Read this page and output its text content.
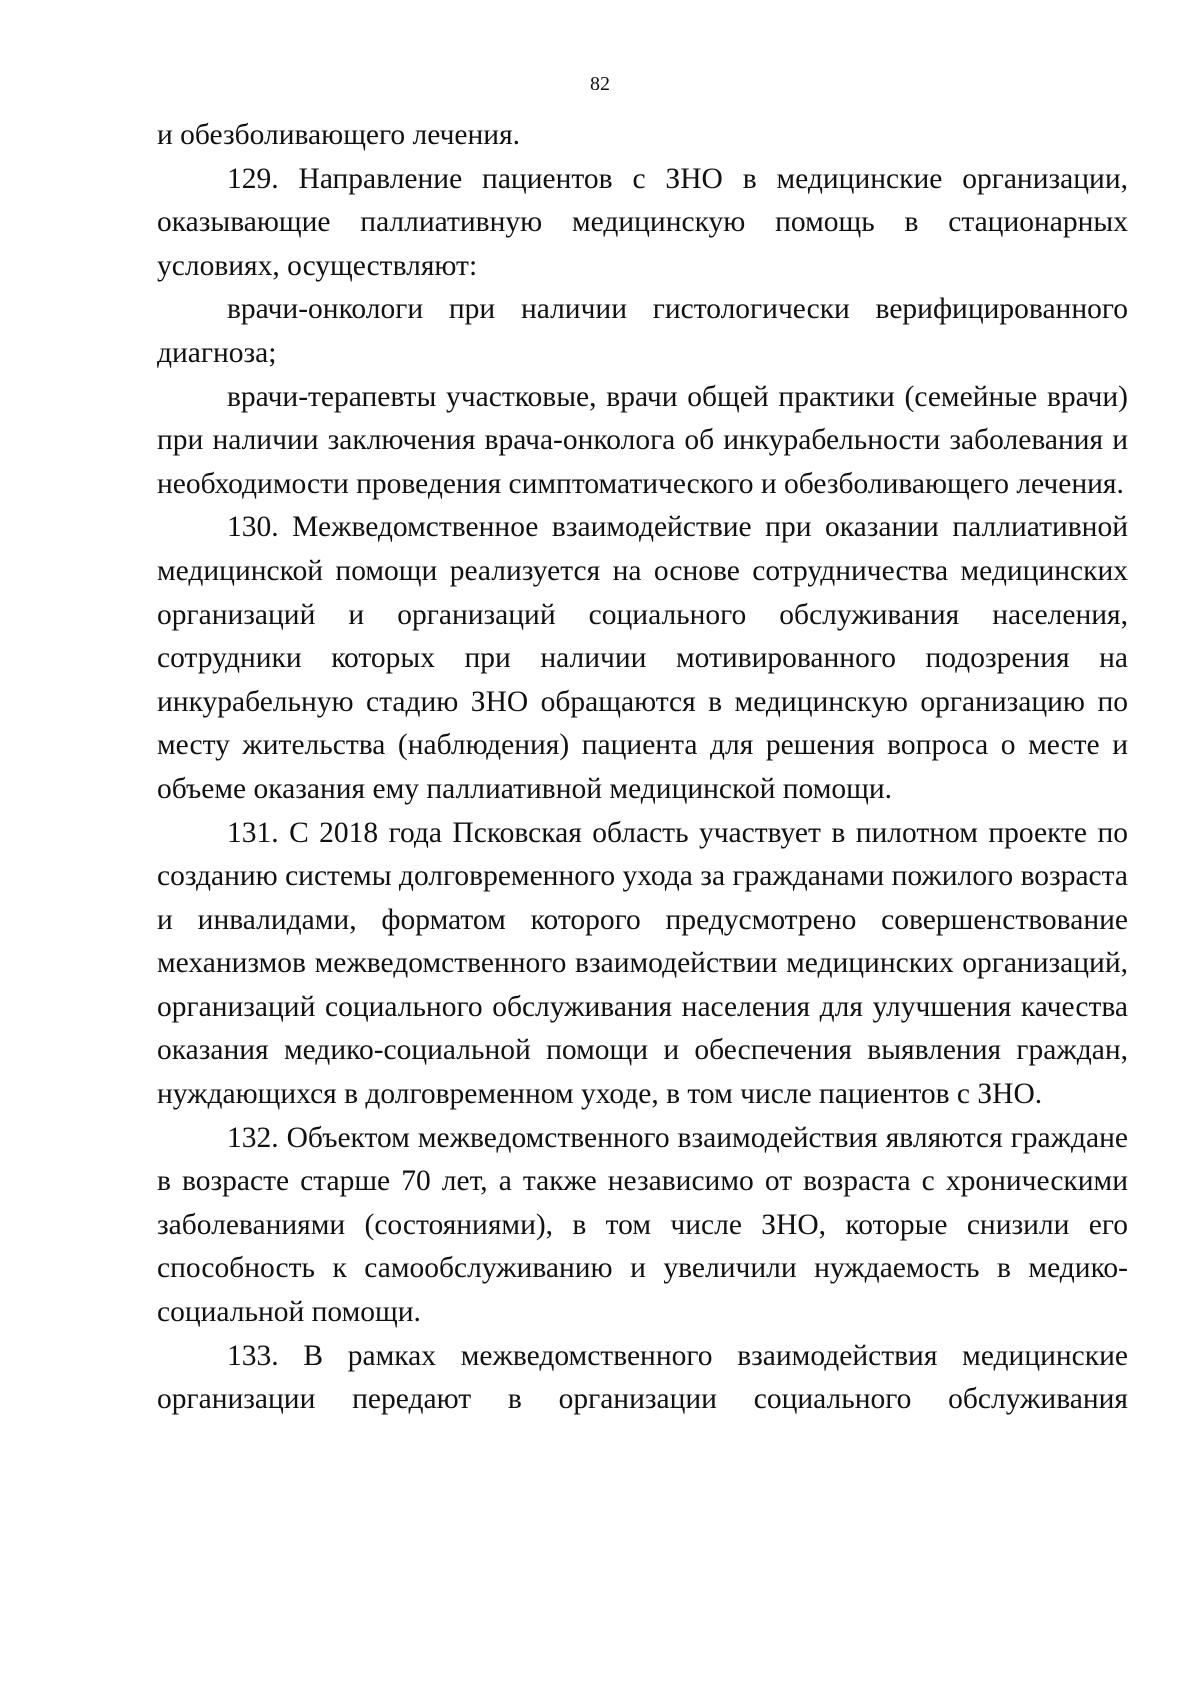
82

и обезболивающего лечения.

129. Направление пациентов с ЗНО в медицинские организации, оказывающие паллиативную медицинскую помощь в стационарных условиях, осуществляют:

врачи-онкологи при наличии гистологически верифицированного диагноза;

врачи-терапевты участковые, врачи общей практики (семейные врачи) при наличии заключения врача-онколога об инкурабельности заболевания и необходимости проведения симптоматического и обезболивающего лечения.

130. Межведомственное взаимодействие при оказании паллиативной медицинской помощи реализуется на основе сотрудничества медицинских организаций и организаций социального обслуживания населения, сотрудники которых при наличии мотивированного подозрения на инкурабельную стадию ЗНО обращаются в медицинскую организацию по месту жительства (наблюдения) пациента для решения вопроса о месте и объеме оказания ему паллиативной медицинской помощи.

131. С 2018 года Псковская область участвует в пилотном проекте по созданию системы долговременного ухода за гражданами пожилого возраста и инвалидами, форматом которого предусмотрено совершенствование механизмов межведомственного взаимодействии медицинских организаций, организаций социального обслуживания населения для улучшения качества оказания медико-социальной помощи и обеспечения выявления граждан, нуждающихся в долговременном уходе, в том числе пациентов с ЗНО.

132. Объектом межведомственного взаимодействия являются граждане в возрасте старше 70 лет, а также независимо от возраста с хроническими заболеваниями (состояниями), в том числе ЗНО, которые снизили его способность к самообслуживанию и увеличили нуждаемость в медико-социальной помощи.

133. В рамках межведомственного взаимодействия медицинские организации передают в организации социального обслуживания
